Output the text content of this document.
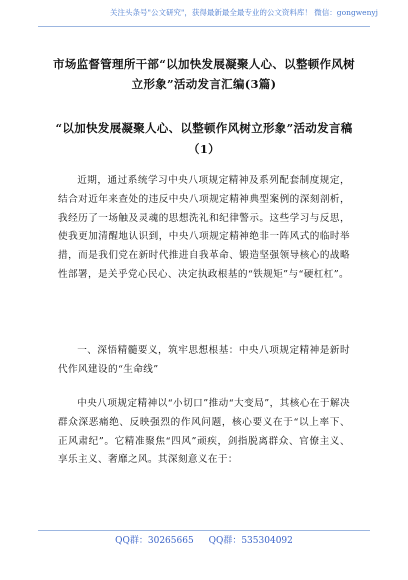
关注头条号"公文研究"，获得最新最全最专业的公文资料库！ 微信：gongwenyj
市场监督管理所干部“以加快发展凝聚人心、以整顿作风树立形象”活动发言汇编(3篇)
“以加快发展凝聚人心、以整顿作风树立形象”活动发言稿（1）

近期，通过系统学习中央八项规定精神及系列配套制度规定，结合对近年来查处的违反中央八项规定精神典型案例的深刻剖析，我经历了一场触及灵魂的思想洗礼和纪律警示。这些学习与反思，使我更加清醒地认识到，中央八项规定精神绝非一阵风式的临时举措，而是我们党在新时代推进自我革命、锻造坚强领导核心的战略性部署，是关乎党心民心、决定执政根基的“铁规矩”与“硬杠杠”。

一、深悟精髓要义，筑牢思想根基：中央八项规定精神是新时代作风建设的“生命线”

中央八项规定精神以“小切口”推动“大变局”，其核心在于解决群众深恶痛绝、反映强烈的作风问题，核心要义在于“以上率下、正风肃纪”。它精准聚焦“四风”顽疾，剑指脱离群众、官僚主义、享乐主义、奢靡之风。其深刻意义在于：

QQ群：30265665 QQ群：535304092
